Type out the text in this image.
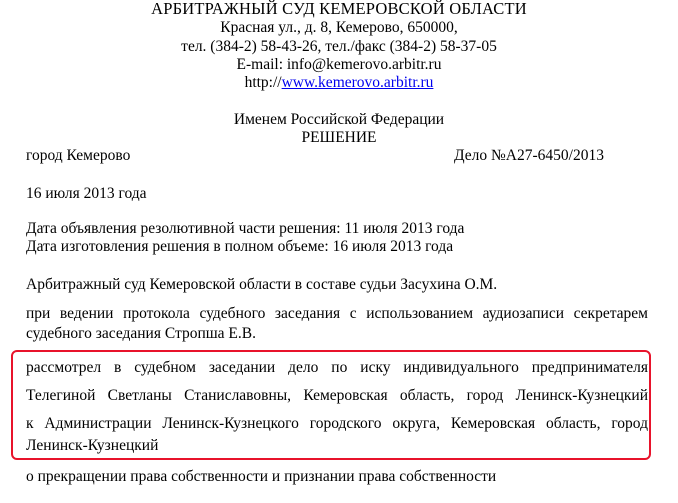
АРБИТРАЖНЫЙ СУД КЕМЕРОВСКОЙ ОБЛАСТИ
Красная ул., д. 8, Кемерово, 650000,
тел. (384-2) 58-43-26, тел./факс (384-2) 58-37-05
E-mail: info@kemerovo.arbitr.ru
http://www.kemerovo.arbitr.ru
Именем Российской Федерации
РЕШЕНИЕ
город Кемерово	Дело №А27-6450/2013
16 июля 2013 года
Дата объявления резолютивной части решения: 11 июля 2013 года
Дата изготовления решения в полном объеме: 16 июля 2013 года
Арбитражный суд Кемеровской области в составе судьи Засухина О.М.
при ведении протокола судебного заседания с использованием аудиозаписи секретарем
судебного заседания Стропша Е.В.
рассмотрел в судебном заседании дело по иску индивидуального предпринимателя
Телегиной Светланы Станиславовны, Кемеровская область, город Ленинск-Кузнецкий
к Администрации Ленинск-Кузнецкого городского округа, Кемеровская область, город
Ленинск-Кузнецкий
о прекращении права собственности и признании права собственности
